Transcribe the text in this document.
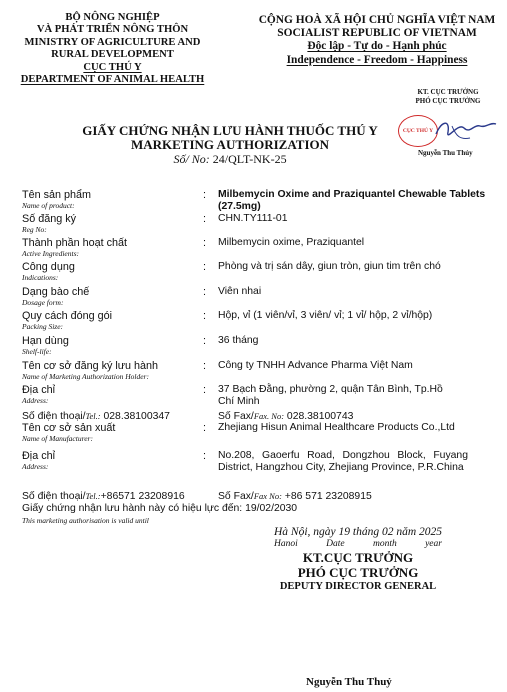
BỘ NÔNG NGHIỆP
VÀ PHÁT TRIỂN NÔNG THÔN
MINISTRY OF AGRICULTURE AND
RURAL DEVELOPMENT
CỤC THÚ Y
DEPARTMENT OF ANIMAL HEALTH
CỘNG HOÀ XÃ HỘI CHỦ NGHĨA VIỆT NAM
SOCIALIST REPUBLIC OF VIETNAM
Độc lập - Tự do - Hạnh phúc
Independence - Freedom - Happiness
KT. CỤC TRƯỞNG
PHÓ CỤC TRƯỞNG
CỤC THÚ Y
Nguyễn Thu Thủy
GIẤY CHỨNG NHẬN LƯU HÀNH THUỐC THÚ Y
MARKETING AUTHORIZATION
Số/ No: 24/QLT-NK-25
Tên sản phẩm
Name of product:
: Milbemycin Oxime and Praziquantel Chewable Tablets (27.5mg)
Số đăng ký
Reg No:
: CHN.TY111-01
Thành phần hoạt chất
Active Ingredients:
: Milbemycin oxime, Praziquantel
Công dụng
Indications:
: Phòng và trị sán dây, giun tròn, giun tim trên chó
Dạng bào chế
Dosage form:
: Viên nhai
Quy cách đóng gói
Packing Size:
: Hộp, vỉ (1 viên/vỉ, 3 viên/ vỉ; 1 vỉ/ hộp, 2 vỉ/hộp)
Hạn dùng
Shelf-life:
: 36 tháng
Tên cơ sở đăng ký lưu hành
Name of Marketing Authorization Holder:
: Công ty TNHH Advance Pharma Việt Nam
Địa chỉ
Address:
: 37 Bạch Đằng, phường 2, quận Tân Bình, Tp.Hồ Chí Minh
Số điện thoại/Tel.: 028.38100347	Số Fax/Fax. No: 028.38100743
Tên cơ sở sản xuất
Name of Manufacturer:
: Zhejiang Hisun Animal Healthcare Products Co.,Ltd
Địa chỉ
Address:
: No.208, Gaoerfu Road, Dongzhou Block, Fuyang District, Hangzhou City, Zhejiang Province, P.R.China
Số điện thoại/Tel.:+86571 23208916	Số Fax/Fax No: +86 571 23208915
Giấy chứng nhận lưu hành này có hiệu lực đến: 19/02/2030
This marketing authorisation is valid until
Hà Nội, ngày 19 tháng 02 năm 2025
Hanoi	Date	month	year
KT.CỤC TRƯỞNG
PHÓ CỤC TRƯỞNG
DEPUTY DIRECTOR GENERAL
Nguyễn Thu Thuỷ
